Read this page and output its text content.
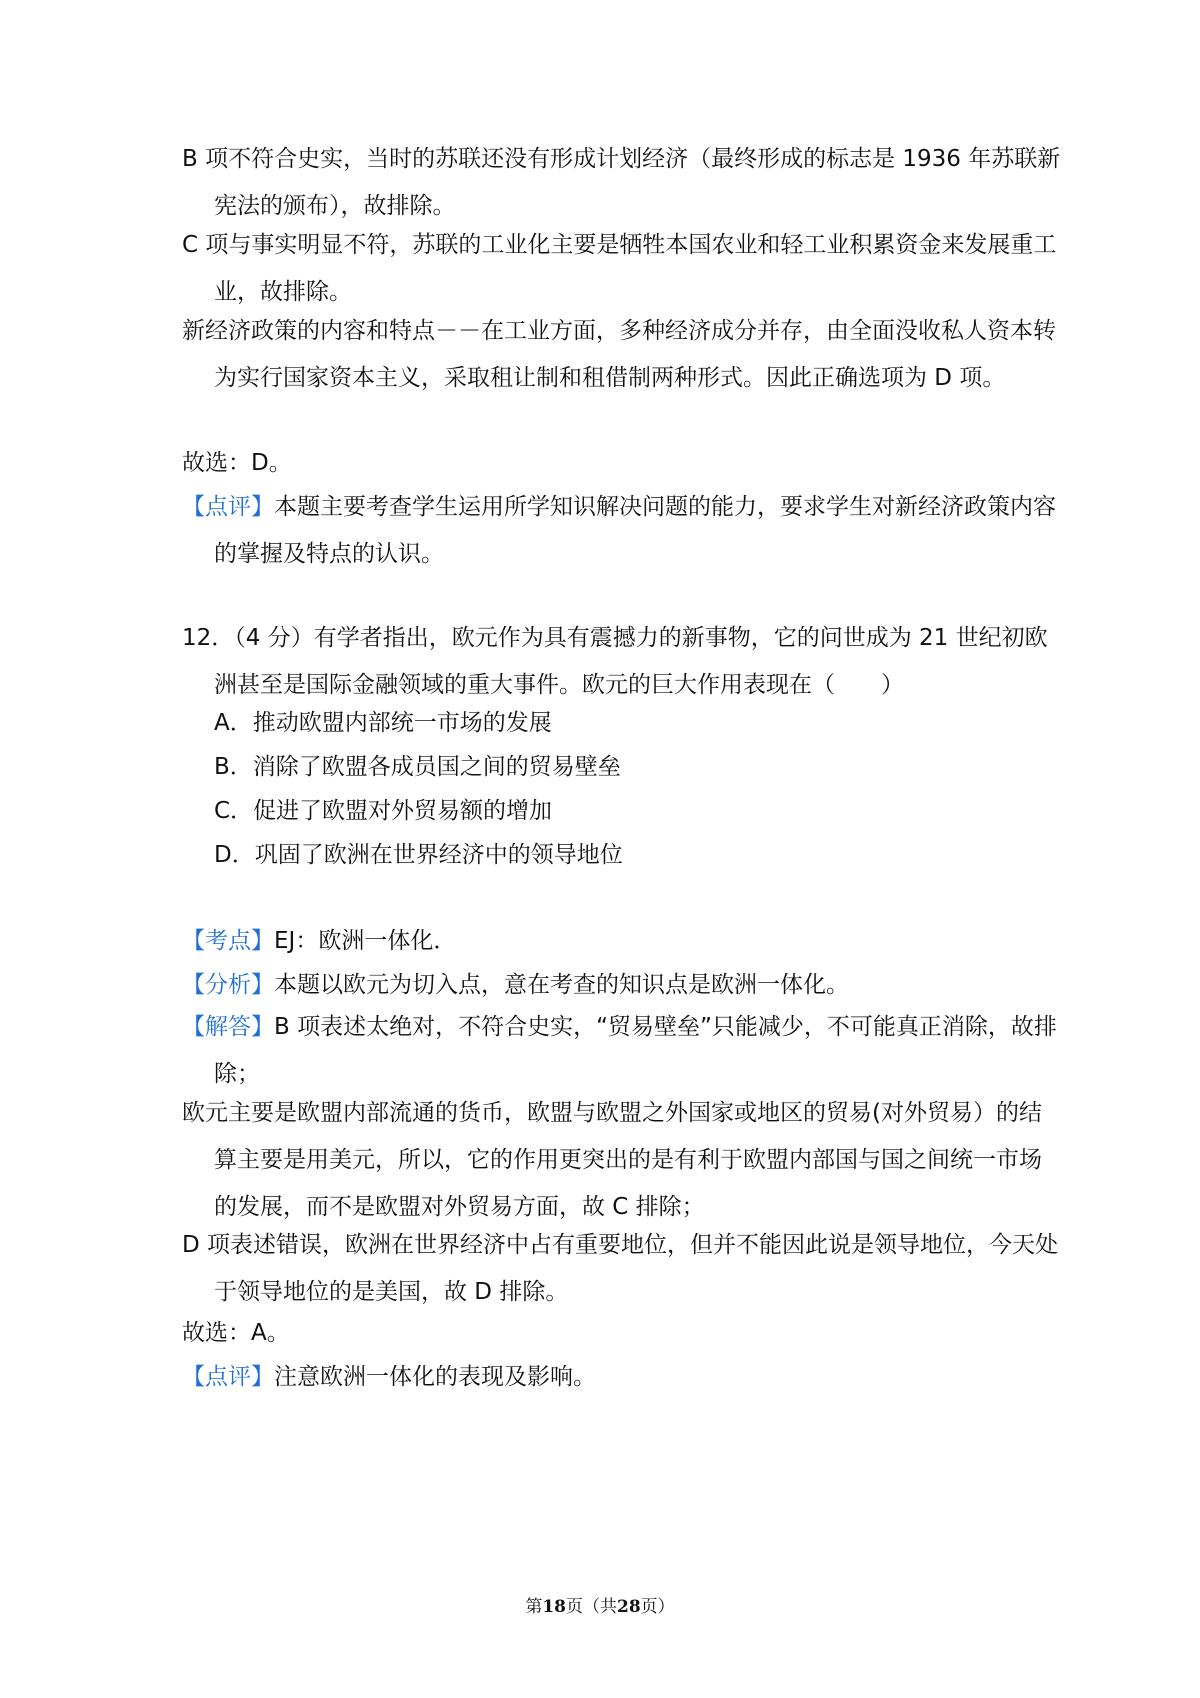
B 项不符合史实，当时的苏联还没有形成计划经济（最终形成的标志是 1936 年苏联新宪法的颁布），故排除。

C 项与事实明显不符，苏联的工业化主要是牺牲本国农业和轻工业积累资金来发展重工业，故排除。

新经济政策的内容和特点－－在工业方面，多种经济成分并存，由全面没收私人资本转为实行国家资本主义，采取租让制和租借制两种形式。因此正确选项为 D 项。

故选：D。

【点评】本题主要考查学生运用所学知识解决问题的能力，要求学生对新经济政策内容的掌握及特点的认识。

12．（4 分）有学者指出，欧元作为具有震撼力的新事物，它的问世成为 21 世纪初欧洲甚至是国际金融领域的重大事件。欧元的巨大作用表现在（　　）

A．推动欧盟内部统一市场的发展

B．消除了欧盟各成员国之间的贸易壁垒

C．促进了欧盟对外贸易额的增加

D．巩固了欧洲在世界经济中的领导地位

【考点】EJ：欧洲一体化．

【分析】本题以欧元为切入点，意在考查的知识点是欧洲一体化。

【解答】B 项表述太绝对，不符合史实，“贸易壁垒”只能减少，不可能真正消除，故排除；

欧元主要是欧盟内部流通的货币，欧盟与欧盟之外国家或地区的贸易(对外贸易）的结算主要是用美元，所以，它的作用更突出的是有利于欧盟内部国与国之间统一市场的发展，而不是欧盟对外贸易方面，故 C 排除；

D 项表述错误，欧洲在世界经济中占有重要地位，但并不能因此说是领导地位，今天处于领导地位的是美国，故 D 排除。

故选：A。

【点评】注意欧洲一体化的表现及影响。

第18页（共28页）
